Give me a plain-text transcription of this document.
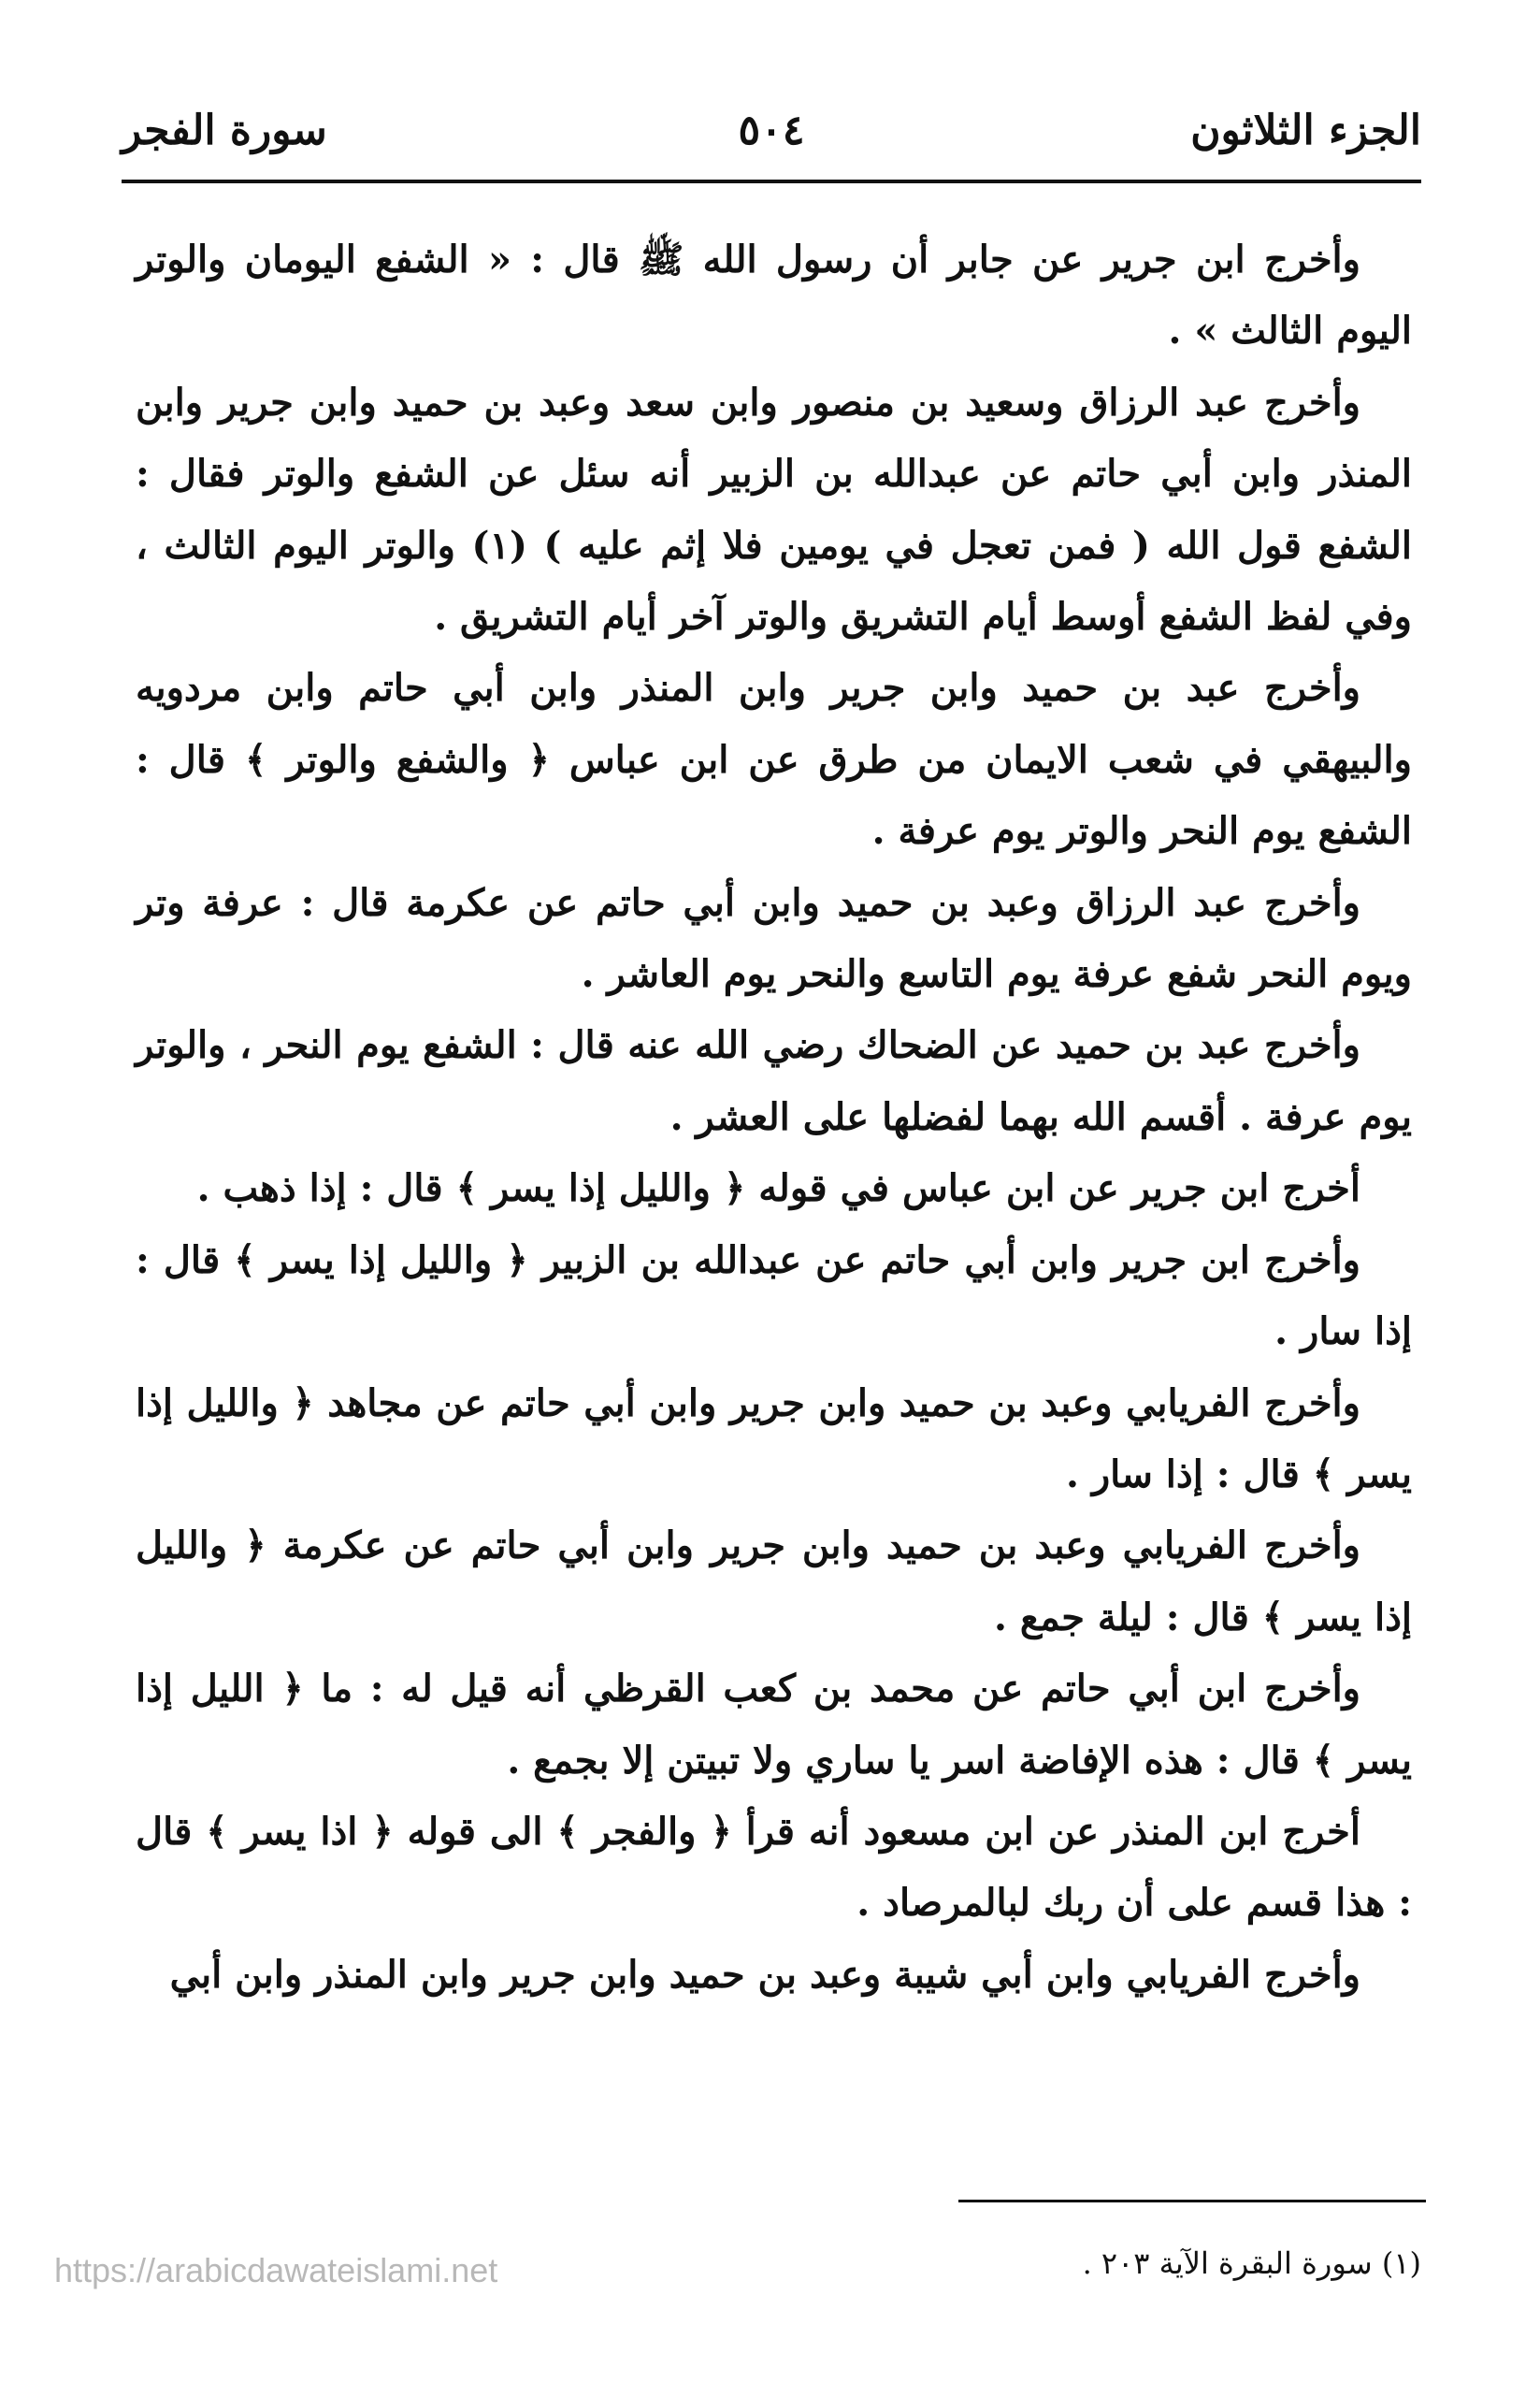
الجزء الثلاثون
٥٠٤
سورة الفجر

وأخرج ابن جرير عن جابر أن رسول الله ﷺ قال : « الشفع اليومان والوتر اليوم الثالث » .

وأخرج عبد الرزاق وسعيد بن منصور وابن سعد وعبد بن حميد وابن جرير وابن المنذر وابن أبي حاتم عن عبدالله بن الزبير أنه سئل عن الشفع والوتر فقال : الشفع قول الله ( فمن تعجل في يومين فلا إثم عليه ) (١) والوتر اليوم الثالث ، وفي لفظ الشفع أوسط أيام التشريق والوتر آخر أيام التشريق .

وأخرج عبد بن حميد وابن جرير وابن المنذر وابن أبي حاتم وابن مردويه والبيهقي في شعب الايمان من طرق عن ابن عباس ﴿ والشفع والوتر ﴾ قال : الشفع يوم النحر والوتر يوم عرفة .

وأخرج عبد الرزاق وعبد بن حميد وابن أبي حاتم عن عكرمة قال : عرفة وتر ويوم النحر شفع عرفة يوم التاسع والنحر يوم العاشر .

وأخرج عبد بن حميد عن الضحاك رضي الله عنه قال : الشفع يوم النحر ، والوتر يوم عرفة . أقسم الله بهما لفضلها على العشر .

أخرج ابن جرير عن ابن عباس في قوله ﴿ والليل إذا يسر ﴾ قال : إذا ذهب .

وأخرج ابن جرير وابن أبي حاتم عن عبدالله بن الزبير ﴿ والليل إذا يسر ﴾ قال : إذا سار .

وأخرج الفريابي وعبد بن حميد وابن جرير وابن أبي حاتم عن مجاهد ﴿ والليل إذا يسر ﴾ قال : إذا سار .

وأخرج الفريابي وعبد بن حميد وابن جرير وابن أبي حاتم عن عكرمة ﴿ والليل إذا يسر ﴾ قال : ليلة جمع .

وأخرج ابن أبي حاتم عن محمد بن كعب القرظي أنه قيل له : ما ﴿ الليل إذا يسر ﴾ قال : هذه الإفاضة اسر يا ساري ولا تبيتن إلا بجمع .

أخرج ابن المنذر عن ابن مسعود أنه قرأ ﴿ والفجر ﴾ الى قوله ﴿ اذا يسر ﴾ قال : هذا قسم على أن ربك لبالمرصاد .

وأخرج الفريابي وابن أبي شيبة وعبد بن حميد وابن جرير وابن المنذر وابن أبي

(١) سورة البقرة الآية ٢٠٣ .
https://arabicdawateislami.net
